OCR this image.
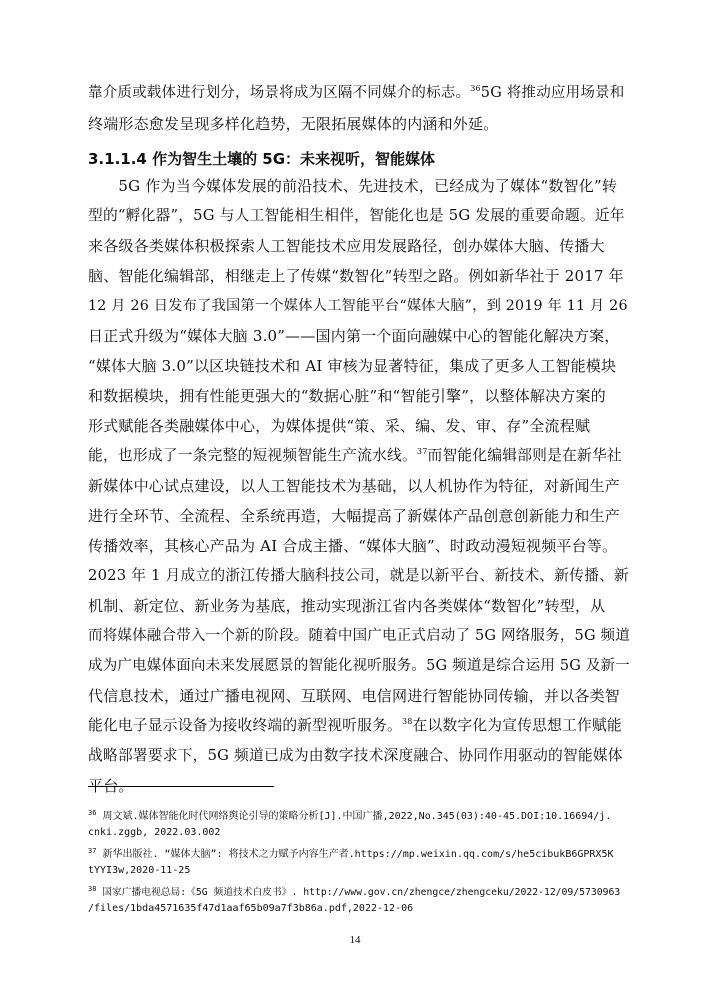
靠介质或载体进行划分，场景将成为区隔不同媒介的标志。$^{36}$5G 将推动应用场景和
终端形态愈发呈现多样化趋势，无限拓展媒体的内涵和外延。
3.1.1.4 作为智生土壤的 5G：未来视听，智能媒体
　　5G 作为当今媒体发展的前沿技术、先进技术，已经成为了媒体“数智化”转
型的“孵化器”，5G 与人工智能相生相伴，智能化也是 5G 发展的重要命题。近年
来各级各类媒体积极探索人工智能技术应用发展路径，创办媒体大脑、传播大
脑、智能化编辑部，相继走上了传媒“数智化”转型之路。例如新华社于 2017 年
12 月 26 日发布了我国第一个媒体人工智能平台“媒体大脑”，到 2019 年 11 月 26
日正式升级为“媒体大脑 3.0”——国内第一个面向融媒中心的智能化解决方案，
“媒体大脑 3.0”以区块链技术和 AI 审核为显著特征，集成了更多人工智能模块
和数据模块，拥有性能更强大的“数据心脏”和“智能引擎”，以整体解决方案的
形式赋能各类融媒体中心，为媒体提供“策、采、编、发、审、存”全流程赋
能，也形成了一条完整的短视频智能生产流水线。$^{37}$而智能化编辑部则是在新华社
新媒体中心试点建设，以人工智能技术为基础，以人机协作为特征，对新闻生产
进行全环节、全流程、全系统再造，大幅提高了新媒体产品创意创新能力和生产
传播效率，其核心产品为 AI 合成主播、“媒体大脑”、时政动漫短视频平台等。
2023 年 1 月成立的浙江传播大脑科技公司，就是以新平台、新技术、新传播、新
机制、新定位、新业务为基底，推动实现浙江省内各类媒体“数智化”转型，从
而将媒体融合带入一个新的阶段。随着中国广电正式启动了 5G 网络服务，5G 频道
成为广电媒体面向未来发展愿景的智能化视听服务。5G 频道是综合运用 5G 及新一
代信息技术，通过广播电视网、互联网、电信网进行智能协同传输，并以各类智
能化电子显示设备为接收终端的新型视听服务。$^{38}$在以数字化为宣传思想工作赋能
战略部署要求下，5G 频道已成为由数字技术深度融合、协同作用驱动的智能媒体
平台。
$^{36}$ 周文斌.媒体智能化时代网络舆论引导的策略分析[J].中国广播,2022,No.345(03):40-45.DOI:10.16694/j.
cnki.zggb, 2022.03.002
$^{37}$ 新华出版社. “媒体大脑”: 将技术之力赋予内容生产者.https://mp.weixin.qq.com/s/he5cibukB6GPRX5K
tYYI3w,2020-11-25
$^{38}$ 国家广播电视总局:《5G 频道技术白皮书》. http://www.gov.cn/zhengce/zhengceku/2022-12/09/5730963
/files/1bda4571635f47d1aaf65b09a7f3b86a.pdf,2022-12-06
14
